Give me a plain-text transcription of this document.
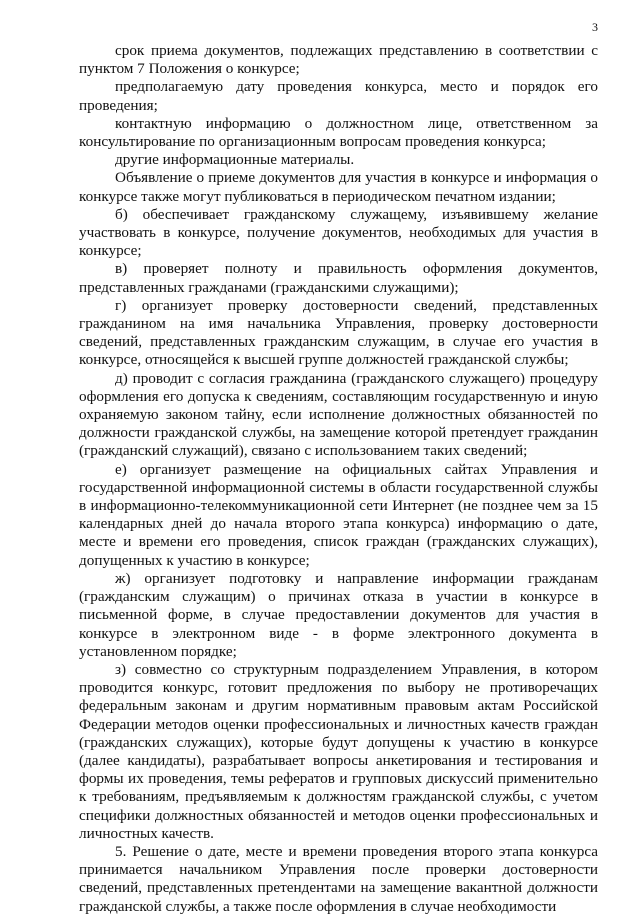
3

срок приема документов, подлежащих представлению в соответствии с пунктом 7 Положения о конкурсе;

предполагаемую дату проведения конкурса, место и порядок его проведения;

контактную информацию о должностном лице, ответственном за консультирование по организационным вопросам проведения конкурса;

другие информационные материалы.

Объявление о приеме документов для участия в конкурсе и информация о конкурсе также могут публиковаться в периодическом печатном издании;

б) обеспечивает гражданскому служащему, изъявившему желание участвовать в конкурсе, получение документов, необходимых для участия в конкурсе;

в) проверяет полноту и правильность оформления документов, представленных гражданами (гражданскими служащими);

г) организует проверку достоверности сведений, представленных гражданином на имя начальника Управления, проверку достоверности сведений, представленных гражданским служащим, в случае его участия в конкурсе, относящейся к высшей группе должностей гражданской службы;

д) проводит с согласия гражданина (гражданского служащего) процедуру оформления его допуска к сведениям, составляющим государственную и иную охраняемую законом тайну, если исполнение должностных обязанностей по должности гражданской службы, на замещение которой претендует гражданин (гражданский служащий), связано с использованием таких сведений;

е) организует размещение на официальных сайтах Управления и государственной информационной системы в области государственной службы в информационно-телекоммуникационной сети Интернет (не позднее чем за 15 календарных дней до начала второго этапа конкурса) информацию о дате, месте и времени его проведения, список граждан (гражданских служащих), допущенных к участию в конкурсе;

ж) организует подготовку и направление информации гражданам (гражданским служащим) о причинах отказа в участии в конкурсе в письменной форме, в случае предоставлении документов для участия в конкурсе в электронном виде - в форме электронного документа в установленном порядке;

з) совместно со структурным подразделением Управления, в котором проводится конкурс, готовит предложения по выбору не противоречащих федеральным законам и другим нормативным правовым актам Российской Федерации методов оценки профессиональных и личностных качеств граждан (гражданских служащих), которые будут допущены к участию в конкурсе (далее кандидаты), разрабатывает вопросы анкетирования и тестирования и формы их проведения, темы рефератов и групповых дискуссий применительно к требованиям, предъявляемым к должностям гражданской службы, с учетом специфики должностных обязанностей и методов оценки профессиональных и личностных качеств.

5. Решение о дате, месте и времени проведения второго этапа конкурса принимается начальником Управления после проверки достоверности сведений, представленных претендентами на замещение вакантной должности гражданской службы, а также после оформления в случае необходимости
